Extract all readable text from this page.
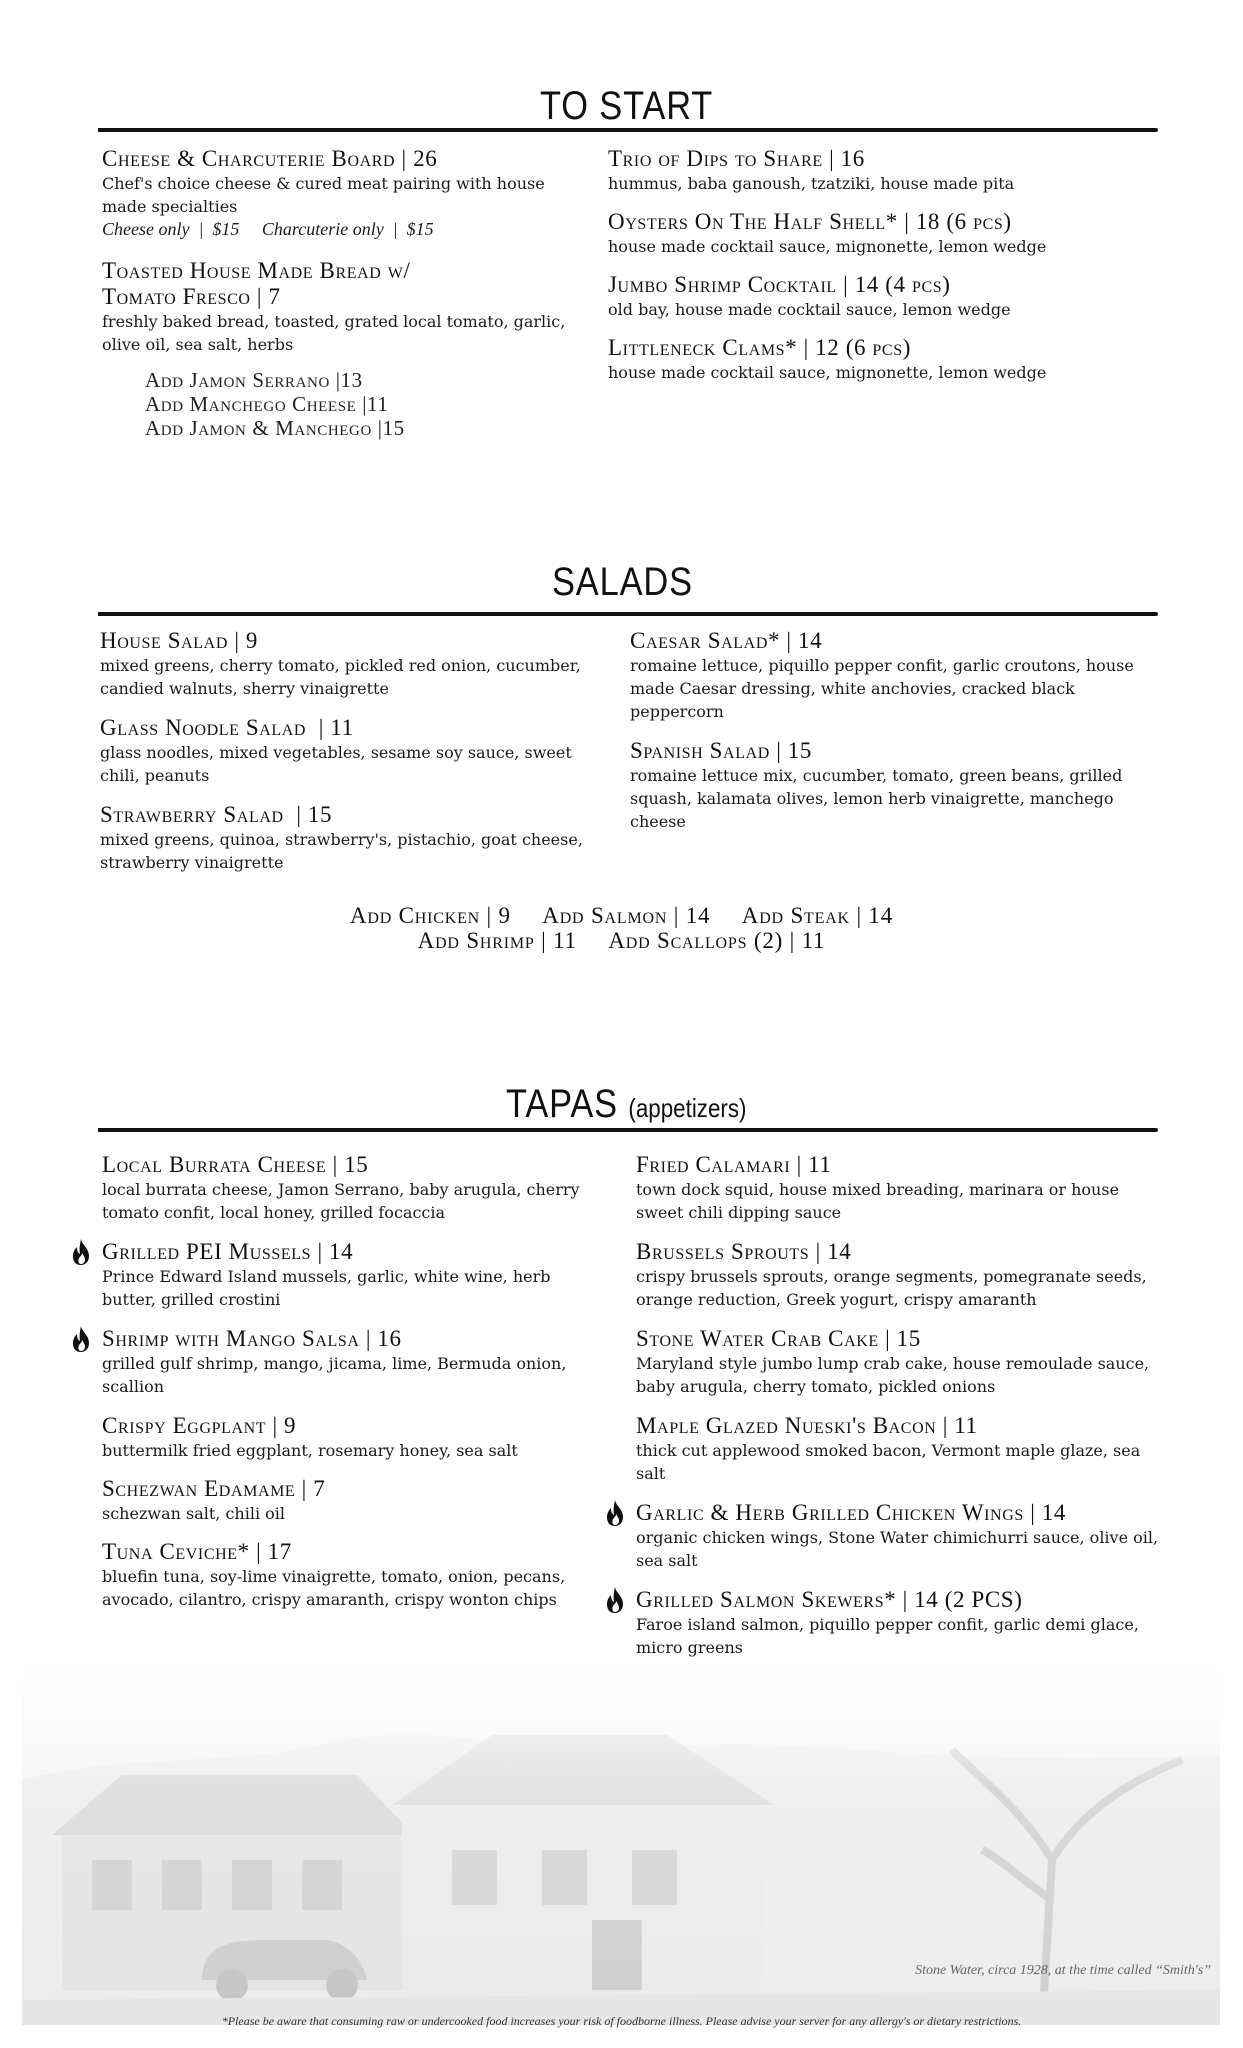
TO START
Cheese & Charcuterie Board | 26
Chef's choice cheese & cured meat pairing with house made specialties
Cheese only  |  $15     Charcuterie only  |  $15
Toasted House Made Bread w/
Tomato Fresco | 7
freshly baked bread, toasted, grated local tomato, garlic, olive oil, sea salt, herbs
Add Jamon Serrano |13
Add Manchego Cheese |11
Add Jamon & Manchego |15
Trio of Dips to Share | 16
hummus, baba ganoush, tzatziki, house made pita
Oysters On The Half Shell* | 18 (6 pcs)
house made cocktail sauce, mignonette, lemon wedge
Jumbo Shrimp Cocktail | 14 (4 pcs)
old bay, house made cocktail sauce, lemon wedge
Littleneck Clams* | 12 (6 pcs)
house made cocktail sauce, mignonette, lemon wedge
SALADS
House Salad | 9
mixed greens, cherry tomato, pickled red onion, cucumber, candied walnuts, sherry vinaigrette
Glass Noodle Salad  | 11
glass noodles, mixed vegetables, sesame soy sauce, sweet chili, peanuts
Strawberry Salad  | 15
mixed greens, quinoa, strawberry's, pistachio, goat cheese, strawberry vinaigrette
Caesar Salad* | 14
romaine lettuce, piquillo pepper confit, garlic croutons, house made Caesar dressing, white anchovies, cracked black peppercorn
Spanish Salad | 15
romaine lettuce mix, cucumber, tomato, green beans, grilled squash, kalamata olives, lemon herb vinaigrette, manchego cheese
Add Chicken | 9     Add Salmon | 14     Add Steak | 14
Add Shrimp | 11     Add Scallops (2) | 11
TAPAS (appetizers)
Local Burrata Cheese | 15
local burrata cheese, Jamon Serrano, baby arugula, cherry tomato confit, local honey, grilled focaccia
Grilled PEI Mussels | 14
Prince Edward Island mussels, garlic, white wine, herb butter, grilled crostini
Shrimp with Mango Salsa | 16
grilled gulf shrimp, mango, jicama, lime, Bermuda onion, scallion
Crispy Eggplant | 9
buttermilk fried eggplant, rosemary honey, sea salt
Schezwan Edamame | 7
schezwan salt, chili oil
Tuna Ceviche* | 17
bluefin tuna, soy-lime vinaigrette, tomato, onion, pecans, avocado, cilantro, crispy amaranth, crispy wonton chips
Fried Calamari | 11
town dock squid, house mixed breading, marinara or house sweet chili dipping sauce
Brussels Sprouts | 14
crispy brussels sprouts, orange segments, pomegranate seeds, orange reduction, Greek yogurt, crispy amaranth
Stone Water Crab Cake | 15
Maryland style jumbo lump crab cake, house remoulade sauce, baby arugula, cherry tomato, pickled onions
Maple Glazed Nueski's Bacon | 11
thick cut applewood smoked bacon, Vermont maple glaze, sea salt
Garlic & Herb Grilled Chicken Wings | 14
organic chicken wings, Stone Water chimichurri sauce, olive oil, sea salt
Grilled Salmon Skewers* | 14 (2 PCS)
Faroe island salmon, piquillo pepper confit, garlic demi glace, micro greens
Stone Water, circa 1928, at the time called “Smith's”
*Please be aware that consuming raw or undercooked food increases your risk of foodborne illness. Please advise your server for any allergy's or dietary restrictions.
